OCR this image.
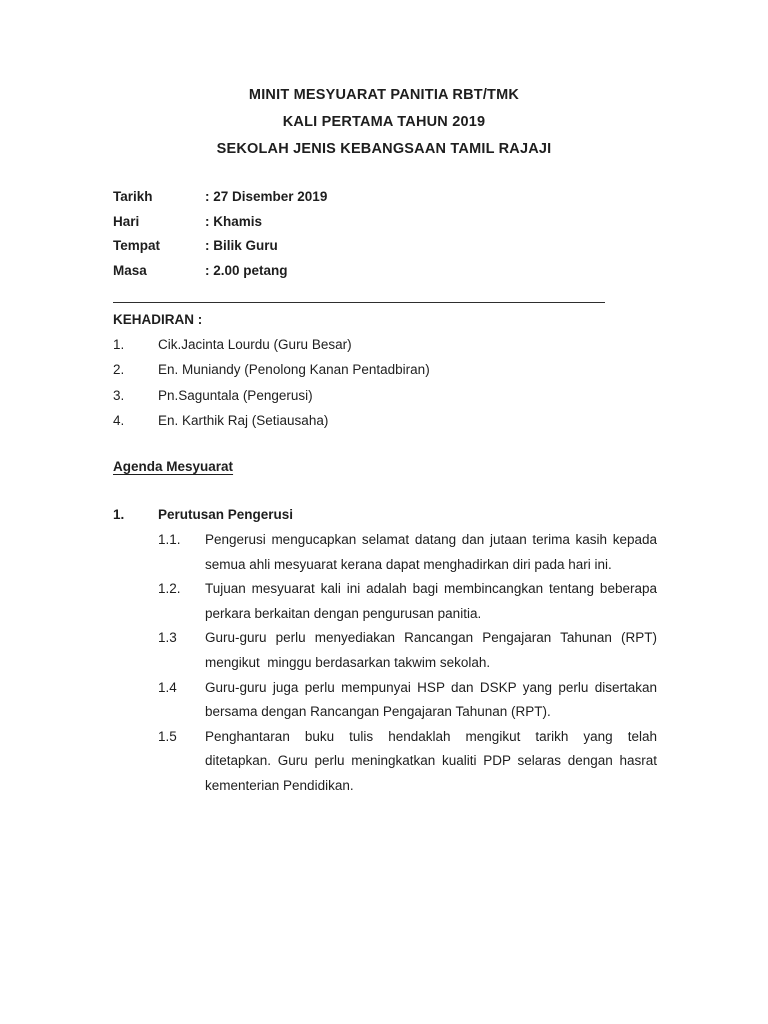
MINIT MESYUARAT PANITIA RBT/TMK
KALI PERTAMA TAHUN 2019
SEKOLAH JENIS KEBANGSAAN TAMIL RAJAJI
Tarikh	: 27 Disember 2019
Hari	: Khamis
Tempat	: Bilik Guru
Masa	: 2.00 petang
KEHADIRAN :
1.	Cik.Jacinta Lourdu (Guru Besar)
2.	En. Muniandy (Penolong Kanan Pentadbiran)
3.	Pn.Saguntala (Pengerusi)
4.	En. Karthik Raj (Setiausaha)
Agenda Mesyuarat
1.	Perutusan Pengerusi
1.1.	Pengerusi mengucapkan selamat datang dan jutaan terima kasih kepada
semua ahli mesyuarat kerana dapat menghadirkan diri pada hari ini.
1.2.	Tujuan mesyuarat kali ini adalah bagi membincangkan tentang beberapa
perkara berkaitan dengan pengurusan panitia.
1.3	Guru-guru perlu menyediakan Rancangan Pengajaran Tahunan (RPT)
mengikut  minggu berdasarkan takwim sekolah.
1.4	Guru-guru juga perlu mempunyai HSP dan DSKP yang perlu disertakan
bersama dengan Rancangan Pengajaran Tahunan (RPT).
1.5	Penghantaran buku tulis hendaklah mengikut tarikh yang telah
ditetapkan. Guru perlu meningkatkan kualiti PDP selaras dengan hasrat
kementerian Pendidikan.
